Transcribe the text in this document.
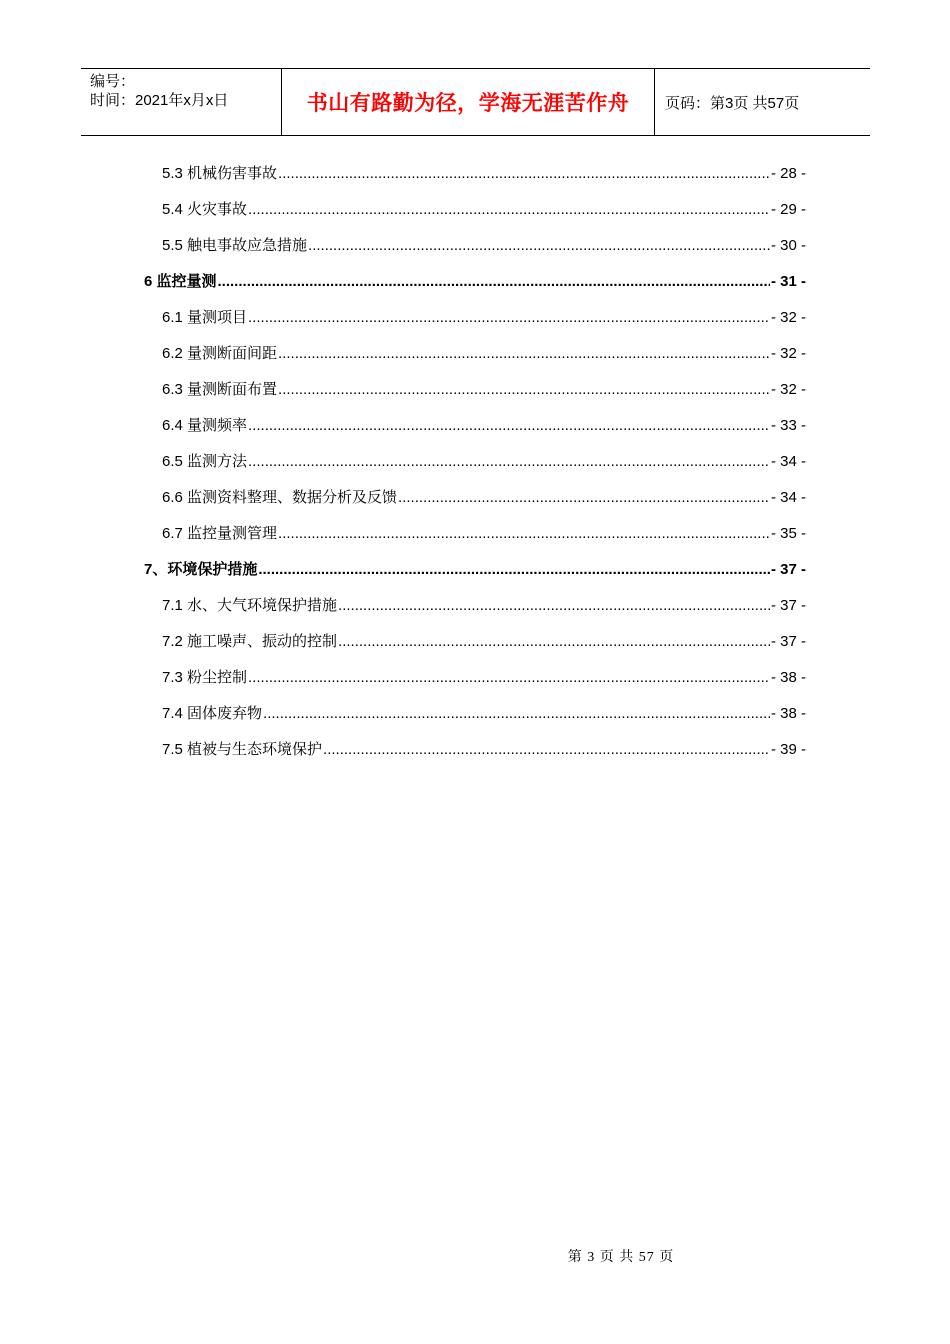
编号：
时间：2021年x月x日	书山有路勤为径，学海无涯苦作舟	页码：第3页 共57页
5.3 机械伤害事故 .....	- 28 -
5.4 火灾事故 .....	- 29 -
5.5 触电事故应急措施 .....	- 30 -
6 监控量测 .....	- 31 -
6.1 量测项目 .....	- 32 -
6.2 量测断面间距 .....	- 32 -
6.3 量测断面布置 .....	- 32 -
6.4 量测频率 .....	- 33 -
6.5 监测方法 .....	- 34 -
6.6 监测资料整理、数据分析及反馈 .....	- 34 -
6.7 监控量测管理 .....	- 35 -
7、环境保护措施 .....	- 37 -
7.1 水、大气环境保护措施 .....	- 37 -
7.2 施工噪声、振动的控制 .....	- 37 -
7.3 粉尘控制 .....	- 38 -
7.4 固体废弃物 .....	- 38 -
7.5 植被与生态环境保护 .....	- 39 -
第 3 页 共 57 页
